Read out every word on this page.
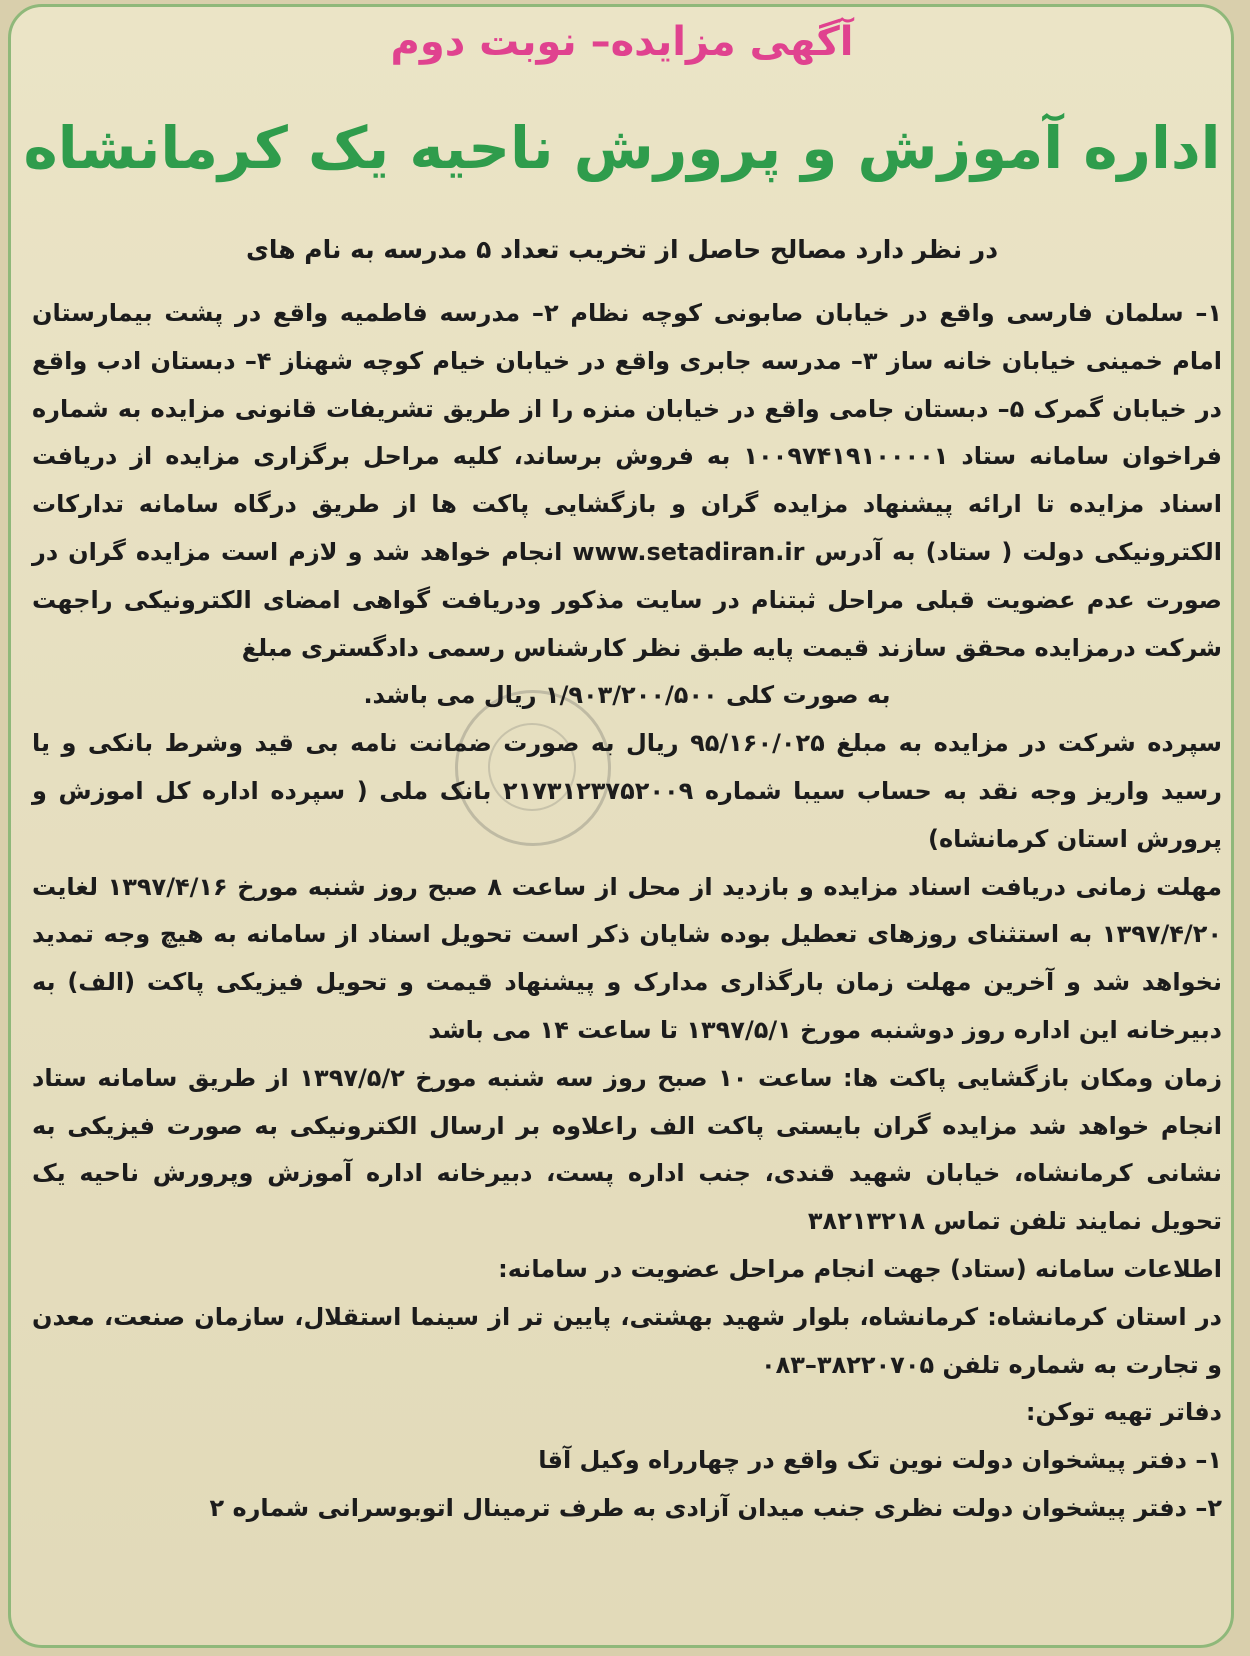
آگهی مزایده– نوبت دوم
اداره آموزش و پرورش ناحیه یک کرمانشاه
در نظر دارد مصالح حاصل از تخریب تعداد ۵ مدرسه به نام های

۱– سلمان فارسی واقع در خیابان صابونی کوچه نظام ۲– مدرسه فاطمیه واقع در پشت بیمارستان امام خمینی خیابان خانه ساز ۳– مدرسه جابری واقع در خیابان خیام کوچه شهناز ۴– دبستان ادب واقع در خیابان گمرک ۵– دبستان جامی واقع در خیابان منزه را از طریق تشریفات قانونی مزایده به شماره فراخوان سامانه ستاد ۱۰۰۹۷۴۱۹۱۰۰۰۰۱ به فروش برساند، کلیه مراحل برگزاری مزایده از دریافت اسناد مزایده تا ارائه پیشنهاد مزایده گران و بازگشایی پاکت ها از طریق درگاه سامانه تدارکات الکترونیکی دولت ( ستاد) به آدرس www.setadiran.ir انجام خواهد شد و لازم است مزایده گران در صورت عدم عضویت قبلی مراحل ثبتنام در سایت مذکور ودریافت گواهی امضای الکترونیکی راجهت شرکت درمزایده محقق سازند قیمت پایه طبق نظر کارشناس رسمی دادگستری مبلغ

به صورت کلی ۱/۹۰۳/۲۰۰/۵۰۰ ریال می باشد.

سپرده شرکت در مزایده به مبلغ ۹۵/۱۶۰/۰۲۵ ریال به صورت ضمانت نامه بی قید وشرط بانکی و یا رسید واریز وجه نقد به حساب سیبا شماره ۲۱۷۳۱۲۳۷۵۲۰۰۹ بانک ملی ( سپرده اداره کل اموزش و پرورش استان کرمانشاه)

مهلت زمانی دریافت اسناد مزایده و بازدید از محل از ساعت ۸ صبح روز شنبه مورخ ۱۳۹۷/۴/۱۶ لغایت ۱۳۹۷/۴/۲۰ به استثنای روزهای تعطیل بوده شایان ذکر است تحویل اسناد از سامانه به هیچ وجه تمدید نخواهد شد و آخرین مهلت زمان بارگذاری مدارک و پیشنهاد قیمت و تحویل فیزیکی پاکت (الف) به دبیرخانه این اداره روز دوشنبه مورخ ۱۳۹۷/۵/۱ تا ساعت ۱۴ می باشد

زمان ومکان بازگشایی پاکت ها: ساعت ۱۰ صبح روز سه شنبه مورخ ۱۳۹۷/۵/۲ از طریق سامانه ستاد انجام خواهد شد مزایده گران بایستی پاکت الف راعلاوه بر ارسال الکترونیکی به صورت فیزیکی به نشانی کرمانشاه، خیابان شهید قندی، جنب اداره پست، دبیرخانه اداره آموزش وپرورش ناحیه یک تحویل نمایند تلفن تماس ۳۸۲۱۳۲۱۸

اطلاعات سامانه (ستاد) جهت انجام مراحل عضویت در سامانه:

در استان کرمانشاه: کرمانشاه، بلوار شهید بهشتی، پایین تر از سینما استقلال، سازمان صنعت، معدن و تجارت به شماره تلفن ۳۸۲۲۰۷۰۵–۰۸۳

دفاتر تهیه توکن:

۱– دفتر پیشخوان دولت نوین تک واقع در چهارراه وکیل آقا

۲– دفتر پیشخوان دولت نظری جنب میدان آزادی به طرف ترمینال اتوبوسرانی شماره ۲
